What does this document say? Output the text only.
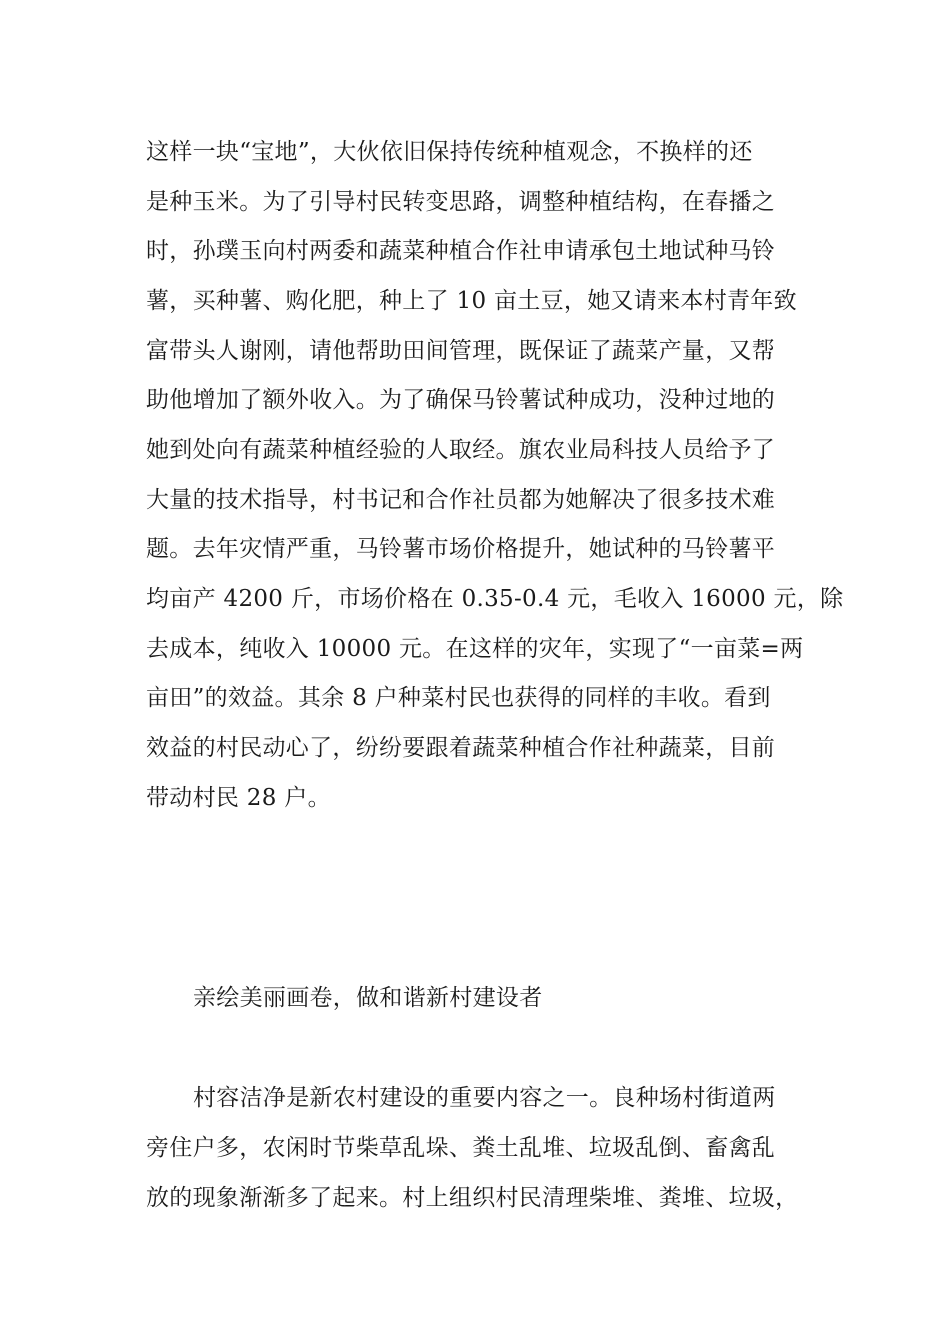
这样一块“宝地”，大伙依旧保持传统种植观念，不换样的还
是种玉米。为了引导村民转变思路，调整种植结构，在春播之
时，孙璞玉向村两委和蔬菜种植合作社申请承包土地试种马铃
薯，买种薯、购化肥，种上了 10 亩土豆，她又请来本村青年致
富带头人谢刚，请他帮助田间管理，既保证了蔬菜产量，又帮
助他增加了额外收入。为了确保马铃薯试种成功，没种过地的
她到处向有蔬菜种植经验的人取经。旗农业局科技人员给予了
大量的技术指导，村书记和合作社员都为她解决了很多技术难
题。去年灾情严重，马铃薯市场价格提升，她试种的马铃薯平
均亩产 4200 斤，市场价格在 0.35-0.4 元，毛收入 16000 元，除
去成本，纯收入 10000 元。在这样的灾年，实现了“一亩菜=两
亩田”的效益。其余 8 户种菜村民也获得的同样的丰收。看到
效益的村民动心了，纷纷要跟着蔬菜种植合作社种蔬菜，目前
带动村民 28 户。
亲绘美丽画卷，做和谐新村建设者
村容洁净是新农村建设的重要内容之一。良种场村街道两
旁住户多，农闲时节柴草乱垛、粪土乱堆、垃圾乱倒、畜禽乱
放的现象渐渐多了起来。村上组织村民清理柴堆、粪堆、垃圾，
